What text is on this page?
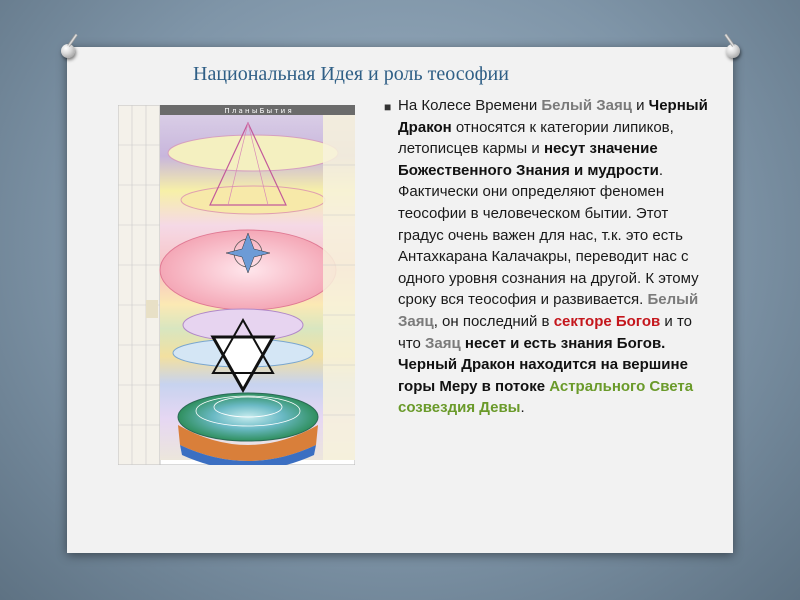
Национальная Идея и роль теософии
П л а н ы Б ы т и я	■ На Колесе Времени Белый Заяц и Черный Дракон относятся к категории липиков, летописцев кармы и несут значение Божественного Знания и мудрости. Фактически они определяют феномен теософии в человеческом бытии. Этот градус очень важен для нас, т.к. это есть Антахкарана Калачакры, переводит нас с одного уровня сознания на другой. К этому сроку вся теософия и развивается. Белый Заяц, он последний в секторе Богов и то что Заяц несет и есть знания Богов. Черный Дракон находится на вершине горы Меру в потоке Астрального Света созвездия Девы.
